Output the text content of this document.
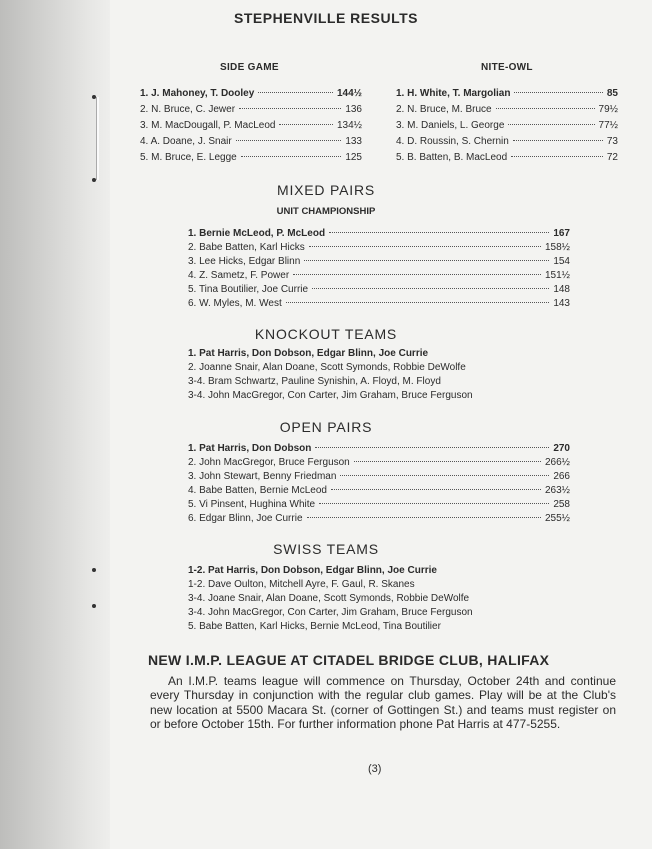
STEPHENVILLE RESULTS
SIDE GAME
1. J. Mahoney, T. Dooley	144½
2. N. Bruce, C. Jewer	136
3. M. MacDougall, P. MacLeod	134½
4. A. Doane, J. Snair	133
5. M. Bruce, E. Legge	125
NITE-OWL
1. H. White, T. Margolian	85
2. N. Bruce, M. Bruce	79½
3. M. Daniels, L. George	77½
4. D. Roussin, S. Chernin	73
5. B. Batten, B. MacLeod	72
MIXED PAIRS
UNIT CHAMPIONSHIP
1. Bernie McLeod, P. McLeod	167
2. Babe Batten, Karl Hicks	158½
3. Lee Hicks, Edgar Blinn	154
4. Z. Sametz, F. Power	151½
5. Tina Boutilier, Joe Currie	148
6. W. Myles, M. West	143
KNOCKOUT TEAMS
1. Pat Harris, Don Dobson, Edgar Blinn, Joe Currie
2. Joanne Snair, Alan Doane, Scott Symonds, Robbie DeWolfe
3-4. Bram Schwartz, Pauline Synishin, A. Floyd, M. Floyd
3-4. John MacGregor, Con Carter, Jim Graham, Bruce Ferguson
OPEN PAIRS
1. Pat Harris, Don Dobson	270
2. John MacGregor, Bruce Ferguson	266½
3. John Stewart, Benny Friedman	266
4. Babe Batten, Bernie McLeod	263½
5. Vi Pinsent, Hughina White	258
6. Edgar Blinn, Joe Currie	255½
SWISS TEAMS
1-2. Pat Harris, Don Dobson, Edgar Blinn, Joe Currie
1-2. Dave Oulton, Mitchell Ayre, F. Gaul, R. Skanes
3-4. Joane Snair, Alan Doane, Scott Symonds, Robbie DeWolfe
3-4. John MacGregor, Con Carter, Jim Graham, Bruce Ferguson
5. Babe Batten, Karl Hicks, Bernie McLeod, Tina Boutilier
NEW I.M.P. LEAGUE AT CITADEL BRIDGE CLUB, HALIFAX
An I.M.P. teams league will commence on Thursday, October 24th and continue every Thursday in conjunction with the regular club games. Play will be at the Club's new location at 5500 Macara St. (corner of Gottingen St.) and teams must register on or before October 15th. For further information phone Pat Harris at 477-5255.
(3)
